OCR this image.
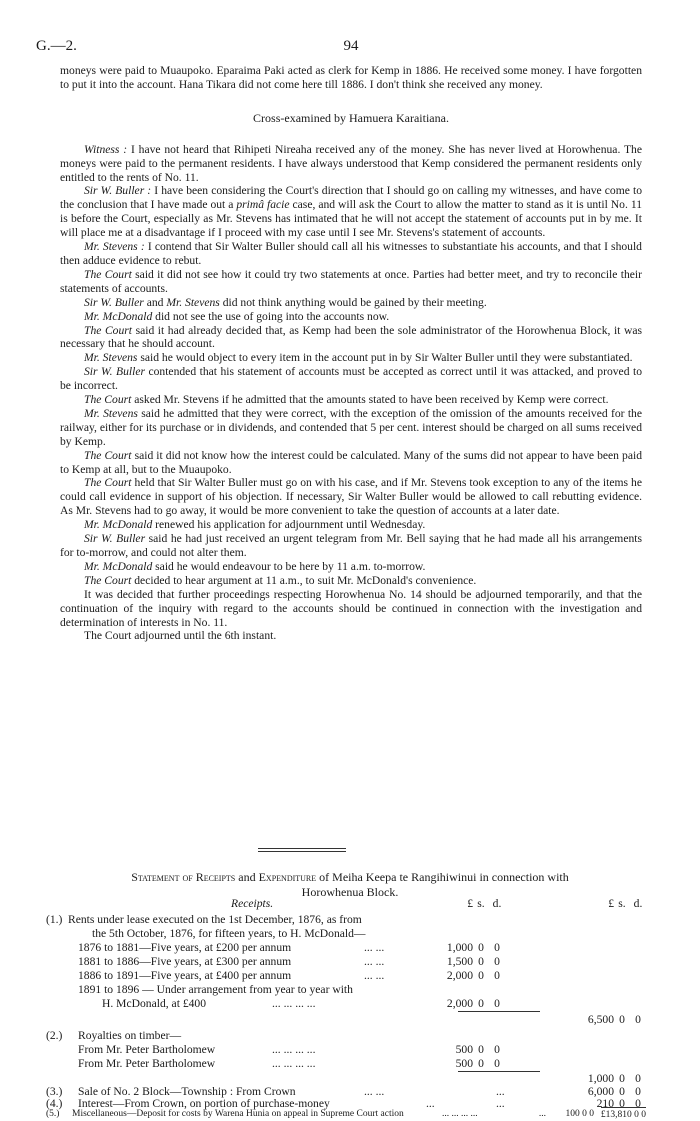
G.—2.	94

moneys were paid to Muaupoko. Eparaima Paki acted as clerk for Kemp in 1886. He received some money. I have forgotten to put it into the account. Hana Tikara did not come here till 1886. I don't think she received any money.

Cross-examined by Hamuera Karaitiana.

Witness : I have not heard that Rihipeti Nireaha received any of the money. She has never lived at Horowhenua. The moneys were paid to the permanent residents. I have always understood that Kemp considered the permanent residents only entitled to the rents of No. 11.

Sir W. Buller : I have been considering the Court's direction that I should go on calling my witnesses, and have come to the conclusion that I have made out a primâ facie case, and will ask the Court to allow the matter to stand as it is until No. 11 is before the Court, especially as Mr. Stevens has intimated that he will not accept the statement of accounts put in by me. It will place me at a disadvantage if I proceed with my case until I see Mr. Stevens's statement of accounts.

Mr. Stevens : I contend that Sir Walter Buller should call all his witnesses to substantiate his accounts, and that I should then adduce evidence to rebut.

The Court said it did not see how it could try two statements at once. Parties had better meet, and try to reconcile their statements of accounts.

Sir W. Buller and Mr. Stevens did not think anything would be gained by their meeting.

Mr. McDonald did not see the use of going into the accounts now.

The Court said it had already decided that, as Kemp had been the sole administrator of the Horowhenua Block, it was necessary that he should account.

Mr. Stevens said he would object to every item in the account put in by Sir Walter Buller until they were substantiated.

Sir W. Buller contended that his statement of accounts must be accepted as correct until it was attacked, and proved to be incorrect.

The Court asked Mr. Stevens if he admitted that the amounts stated to have been received by Kemp were correct.

Mr. Stevens said he admitted that they were correct, with the exception of the omission of the amounts received for the railway, either for its purchase or in dividends, and contended that 5 per cent. interest should be charged on all sums received by Kemp.

The Court said it did not know how the interest could be calculated. Many of the sums did not appear to have been paid to Kemp at all, but to the Muaupoko.

The Court held that Sir Walter Buller must go on with his case, and if Mr. Stevens took exception to any of the items he could call evidence in support of his objection. If necessary, Sir Walter Buller would be allowed to call rebutting evidence. As Mr. Stevens had to go away, it would be more convenient to take the question of accounts at a later date.

Mr. McDonald renewed his application for adjournment until Wednesday.

Sir W. Buller said he had just received an urgent telegram from Mr. Bell saying that he had made all his arrangements for to-morrow, and could not alter them.

Mr. McDonald said he would endeavour to be here by 11 a.m. to-morrow.

The Court decided to hear argument at 11 a.m., to suit Mr. McDonald's convenience.

It was decided that further proceedings respecting Horowhenua No. 14 should be adjourned temporarily, and that the continuation of the inquiry with regard to the accounts should be continued in connection with the investigation and determination of interests in No. 11.

The Court adjourned until the 6th instant.

Statement of Receipts and Expenditure of Meiha Keepa te Rangihiwinui in connection with
Horowhenua Block.
Receipts.	£ s. d.	£ s. d.
(1.) Rents under lease executed on the 1st December, 1876, as from
the 5th October, 1876, for fifteen years, to H. McDonald—
1876 to 1881—Five years, at £200 per annum	... ...	1,000 0 0
1881 to 1886—Five years, at £300 per annum	... ...	1,500 0 0
1886 to 1891—Five years, at £400 per annum	... ...	2,000 0 0
1891 to 1896 — Under arrangement from year to year with
H. McDonald, at £400	... ... ... ...	2,000 0 0
6,500 0 0
(2.) Royalties on timber—
From Mr. Peter Bartholomew	... ... ... ...	500 0 0
From Mr. Peter Bartholomew	... ... ... ...	500 0 0
1,000 0 0
(3.) Sale of No. 2 Block—Township : From Crown	... ...	...	6,000 0 0
(4.) Interest—From Crown, on portion of purchase-money	...	...	210 0 0
(5.) Miscellaneous—Deposit for costs by Warena Hunia on appeal in Supreme Court action	... ... ... ...	... 100 0 0 £13,810 0 0
